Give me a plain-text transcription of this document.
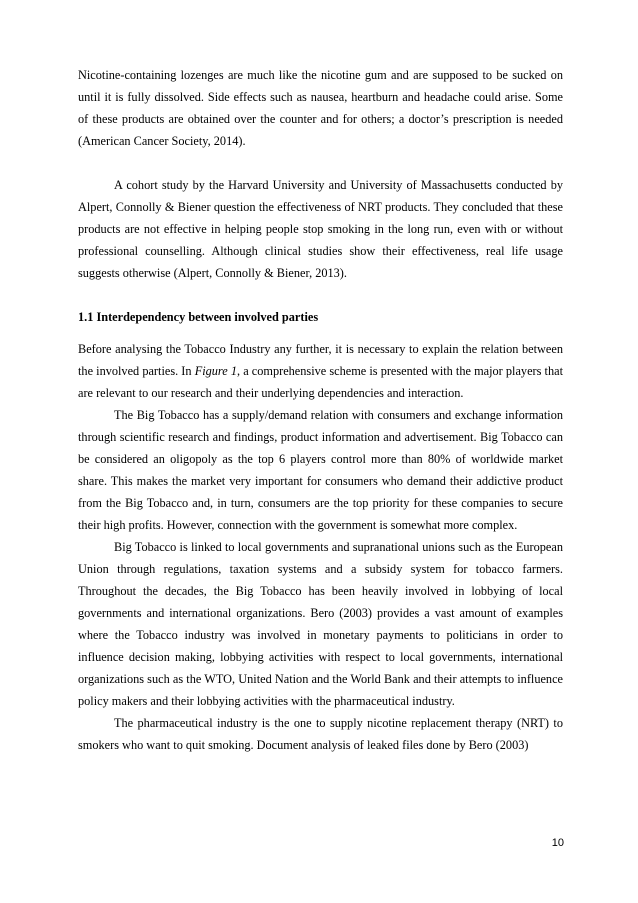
Nicotine-containing lozenges are much like the nicotine gum and are supposed to be sucked on until it is fully dissolved. Side effects such as nausea, heartburn and headache could arise. Some of these products are obtained over the counter and for others; a doctor’s prescription is needed (American Cancer Society, 2014).

A cohort study by the Harvard University and University of Massachusetts conducted by Alpert, Connolly & Biener question the effectiveness of NRT products. They concluded that these products are not effective in helping people stop smoking in the long run, even with or without professional counselling. Although clinical studies show their effectiveness, real life usage suggests otherwise (Alpert, Connolly & Biener, 2013).

1.1 Interdependency between involved parties

Before analysing the Tobacco Industry any further, it is necessary to explain the relation between the involved parties. In Figure 1, a comprehensive scheme is presented with the major players that are relevant to our research and their underlying dependencies and interaction.

The Big Tobacco has a supply/demand relation with consumers and exchange information through scientific research and findings, product information and advertisement. Big Tobacco can be considered an oligopoly as the top 6 players control more than 80% of worldwide market share. This makes the market very important for consumers who demand their addictive product from the Big Tobacco and, in turn, consumers are the top priority for these companies to secure their high profits. However, connection with the government is somewhat more complex.

Big Tobacco is linked to local governments and supranational unions such as the European Union through regulations, taxation systems and a subsidy system for tobacco farmers. Throughout the decades, the Big Tobacco has been heavily involved in lobbying of local governments and international organizations. Bero (2003) provides a vast amount of examples where the Tobacco industry was involved in monetary payments to politicians in order to influence decision making, lobbying activities with respect to local governments, international organizations such as the WTO, United Nation and the World Bank and their attempts to influence policy makers and their lobbying activities with the pharmaceutical industry.

The pharmaceutical industry is the one to supply nicotine replacement therapy (NRT) to smokers who want to quit smoking. Document analysis of leaked files done by Bero (2003)

10
